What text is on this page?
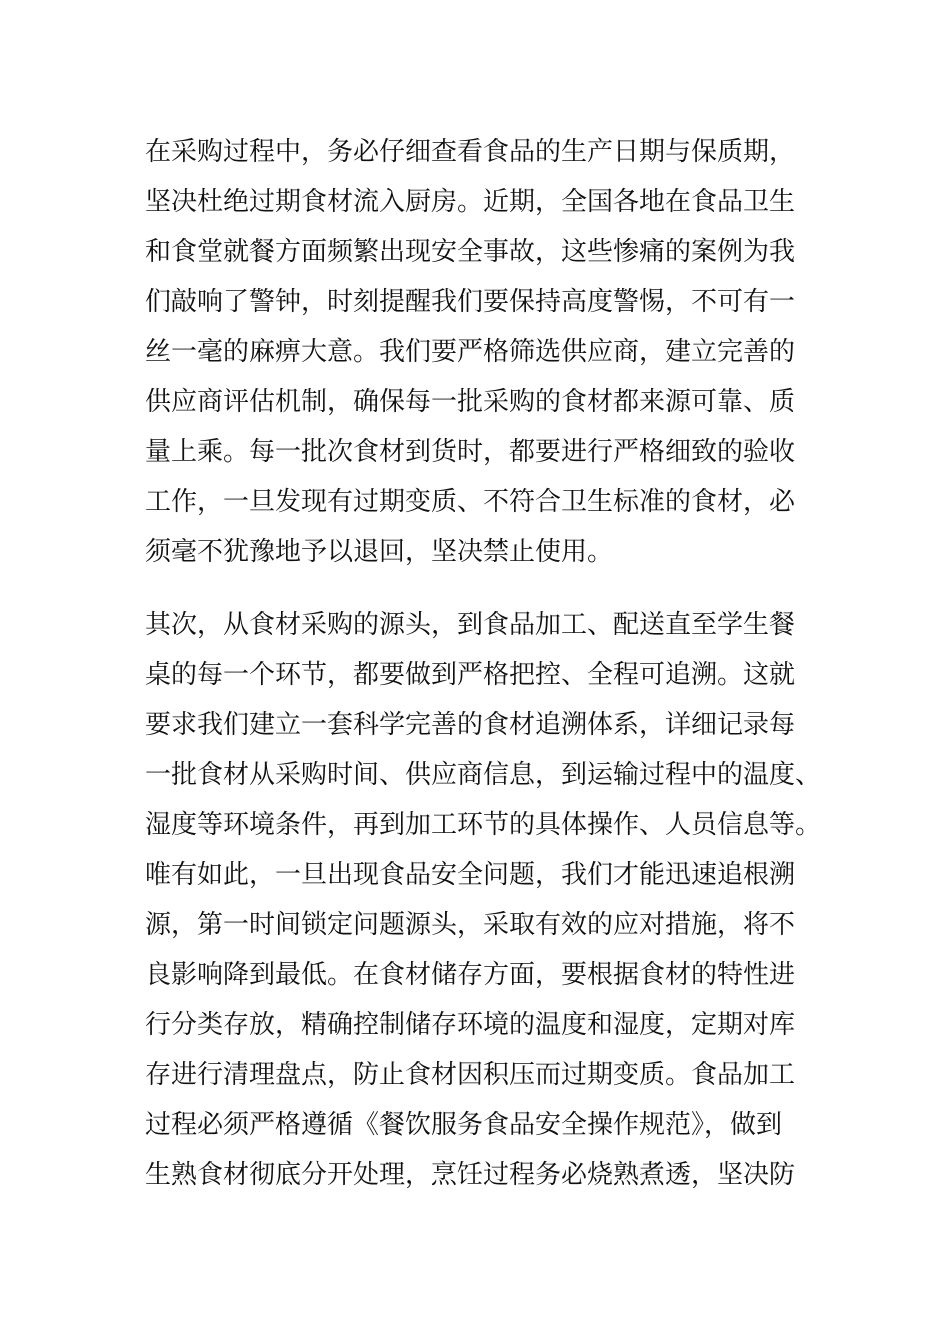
在采购过程中，务必仔细查看食品的生产日期与保质期，
坚决杜绝过期食材流入厨房。近期，全国各地在食品卫生
和食堂就餐方面频繁出现安全事故，这些惨痛的案例为我
们敲响了警钟，时刻提醒我们要保持高度警惕，不可有一
丝一毫的麻痹大意。我们要严格筛选供应商，建立完善的
供应商评估机制，确保每一批采购的食材都来源可靠、质
量上乘。每一批次食材到货时，都要进行严格细致的验收
工作，一旦发现有过期变质、不符合卫生标准的食材，必
须毫不犹豫地予以退回，坚决禁止使用。

其次，从食材采购的源头，到食品加工、配送直至学生餐
桌的每一个环节，都要做到严格把控、全程可追溯。这就
要求我们建立一套科学完善的食材追溯体系，详细记录每
一批食材从采购时间、供应商信息，到运输过程中的温度、
湿度等环境条件，再到加工环节的具体操作、人员信息等。
唯有如此，一旦出现食品安全问题，我们才能迅速追根溯
源，第一时间锁定问题源头，采取有效的应对措施，将不
良影响降到最低。在食材储存方面，要根据食材的特性进
行分类存放，精确控制储存环境的温度和湿度，定期对库
存进行清理盘点，防止食材因积压而过期变质。食品加工
过程必须严格遵循《餐饮服务食品安全操作规范》，做到
生熟食材彻底分开处理，烹饪过程务必烧熟煮透，坚决防
